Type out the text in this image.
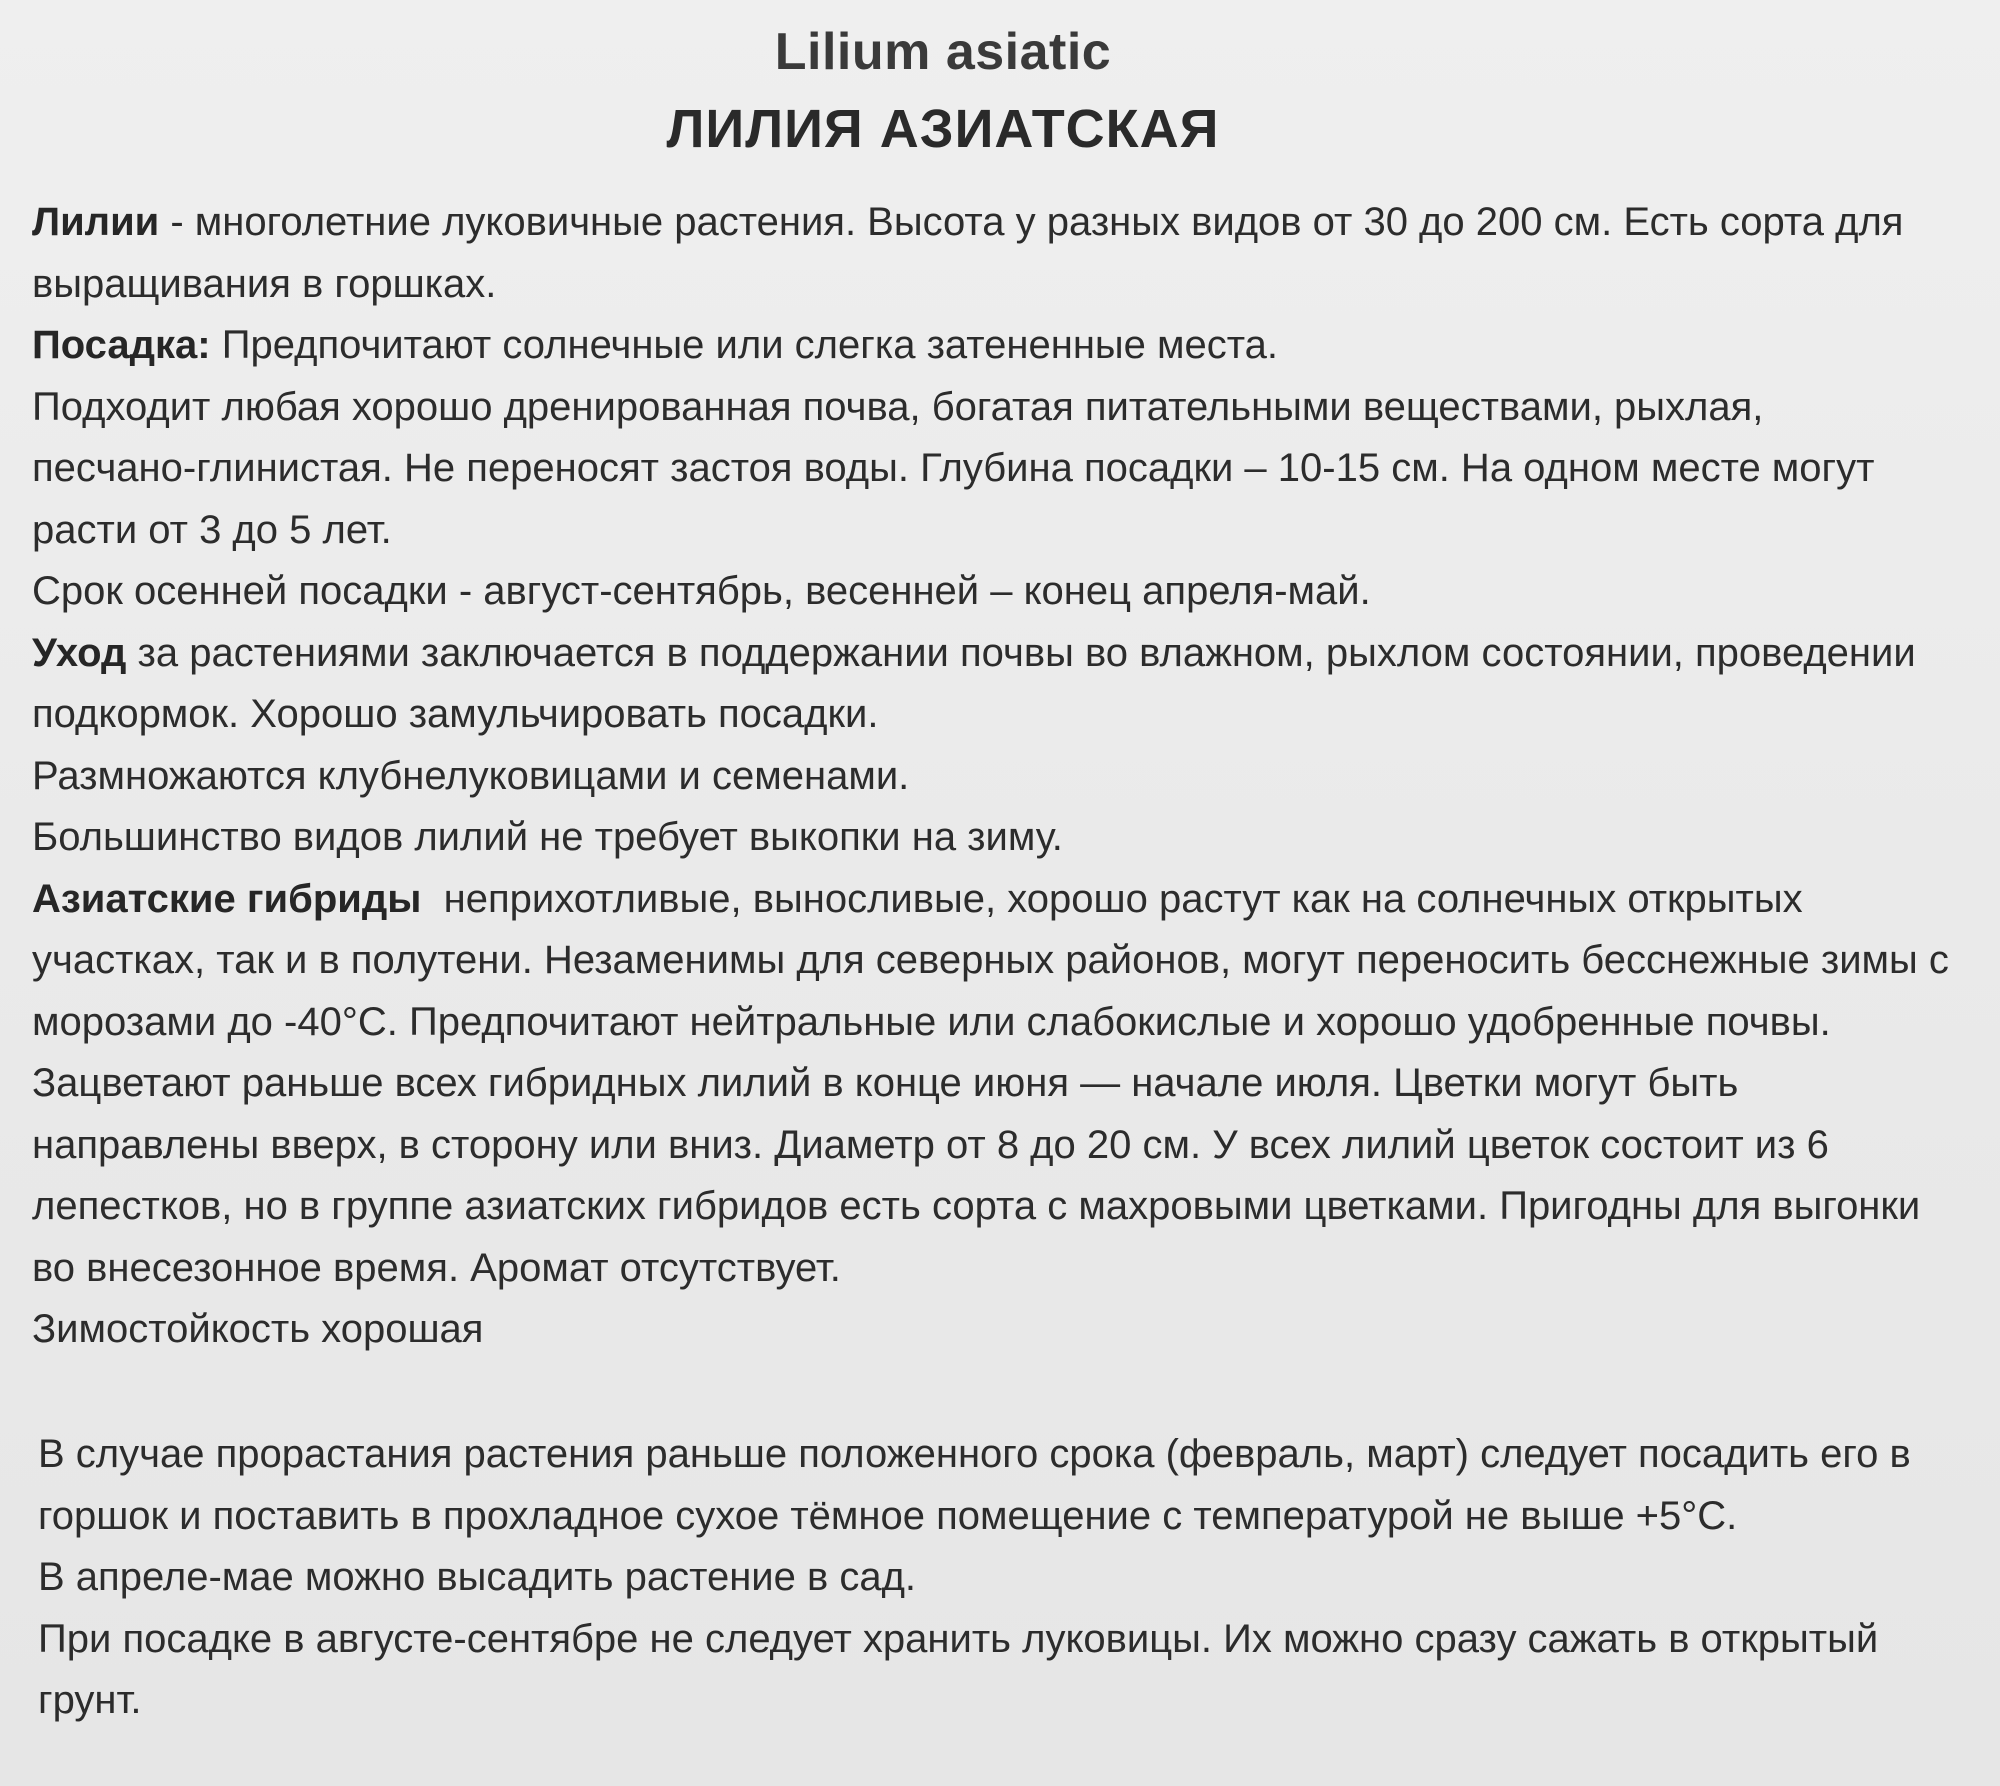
Lilium asiatic
ЛИЛИЯ АЗИАТСКАЯ

Лилии - многолетние луковичные растения. Высота у разных видов от 30 до 200 см. Есть сорта для

выращивания в горшках.

Посадка: Предпочитают солнечные или слегка затененные места.

Подходит любая хорошо дренированная почва, богатая питательными веществами, рыхлая,

песчано-глинистая. Не переносят застоя воды. Глубина посадки – 10-15 см. На одном месте могут

расти от 3 до 5 лет.

Срок осенней посадки - август-сентябрь, весенней – конец апреля-май.

Уход за растениями заключается в поддержании почвы во влажном, рыхлом состоянии, проведении

подкормок. Хорошо замульчировать посадки.

Размножаются клубнелуковицами и семенами.

Большинство видов лилий не требует выкопки на зиму.

Азиатские гибриды  неприхотливые, выносливые, хорошо растут как на солнечных открытых

участках, так и в полутени. Незаменимы для северных районов, могут переносить бесснежные зимы с

морозами до -40°С. Предпочитают нейтральные или слабокислые и хорошо удобренные почвы.

Зацветают раньше всех гибридных лилий в конце июня — начале июля. Цветки могут быть

направлены вверх, в сторону или вниз. Диаметр от 8 до 20 см. У всех лилий цветок состоит из 6

лепестков, но в группе азиатских гибридов есть сорта с махровыми цветками. Пригодны для выгонки

во внесезонное время. Аромат отсутствует.

Зимостойкость хорошая

В случае прорастания растения раньше положенного срока (февраль, март) следует посадить его в

горшок и поставить в прохладное сухое тёмное помещение с температурой не выше +5°С.

В апреле-мае можно высадить растение в сад.

При посадке в августе-сентябре не следует хранить луковицы. Их можно сразу сажать в открытый

грунт.
